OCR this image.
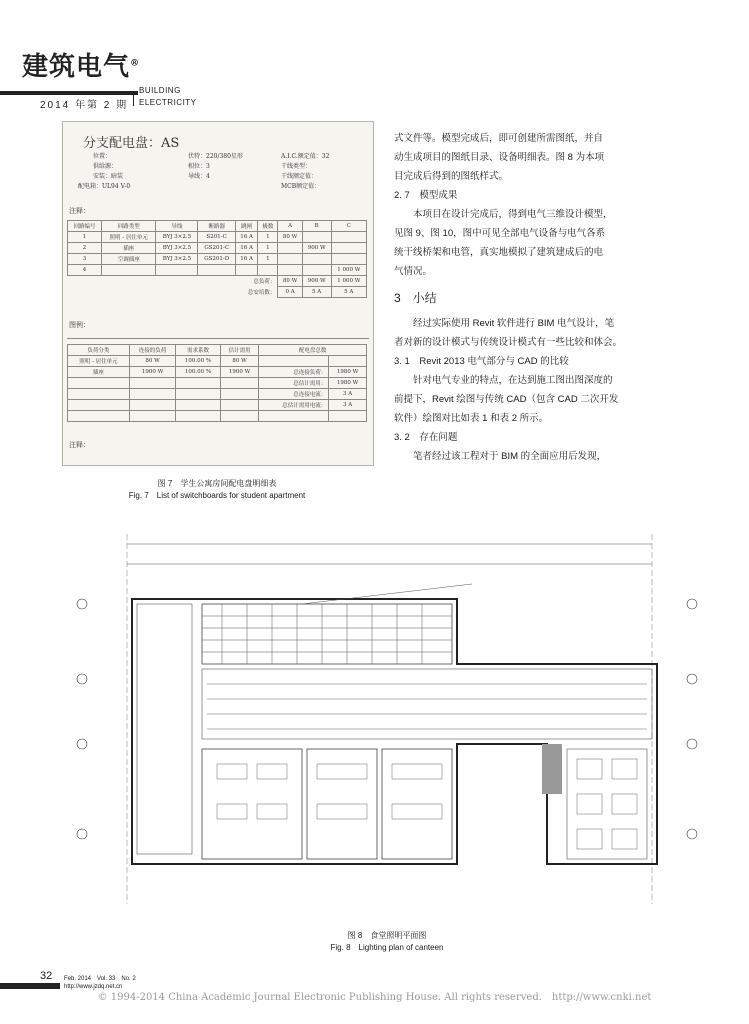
建筑电气®
BUILDING
ELECTRICITY
2014 年第 2 期
分支配电盘：AS
位置：
供给源：
安装：暗装
配电箱：UL94 V-0
伏特：220/380星形
相位：3
导线：4
A.I.C.额定值：32
干线类型：
干线额定值：
MCB额定值：
注释：
回路编号	回路类型	导线	断路器	跳闸	极数	A	B	C
1	照明 - 居住单元	BYJ 3×2.5	S201-C	16 A	1	80 W		
2	插座	BYJ 3×2.5	GS201-C	16 A	1		900 W	
3	空调插座	BYJ 3×2.5	GS201-D	16 A	1			
4								1 000 W
总负荷：						80 W	900 W	1 000 W
总安培数：						0 A	5 A	5 A
图例：
负荷分类	连接的负荷	需求系数	估计需用	配电盘总数	
照明 - 居住单元	80 W	100.00 %	80 W		
插座	1900 W	100.00 %	1900 W	总连接负荷：	1980 W
				总估计需用：	1980 W
				总连接电流：	3 A
				总估计需用电流：	3 A

注释：
图 7　学生公寓房间配电盘明细表
Fig. 7　List of switchboards for student apartment

式文件等。模型完成后，即可创建所需图纸，并自

动生成项目的图纸目录、设备明细表。图 8 为本项

目完成后得到的图纸样式。

2. 7　模型成果

本项目在设计完成后，得到电气三维设计模型，

见图 9、图 10，图中可见全部电气设备与电气各系

统干线桥架和电管，真实地模拟了建筑建成后的电

气情况。

3　小结

经过实际使用 Revit 软件进行 BIM 电气设计，笔

者对新的设计模式与传统设计模式有一些比较和体会。

3. 1　Revit 2013 电气部分与 CAD 的比较

针对电气专业的特点，在达到施工图出图深度的

前提下，Revit 绘图与传统 CAD（包含 CAD 二次开发

软件）绘图对比如表 1 和表 2 所示。

3. 2　存在问题

笔者经过该工程对于 BIM 的全面应用后发现，

图 8　食堂照明平面图
Fig. 8　Lighting plan of canteen
32 Feb. 2014　Vol. 33　No. 2
http://www.jzdq.net.cn
© 1994-2014 China Academic Journal Electronic Publishing House. All rights reserved.　http://www.cnki.net
